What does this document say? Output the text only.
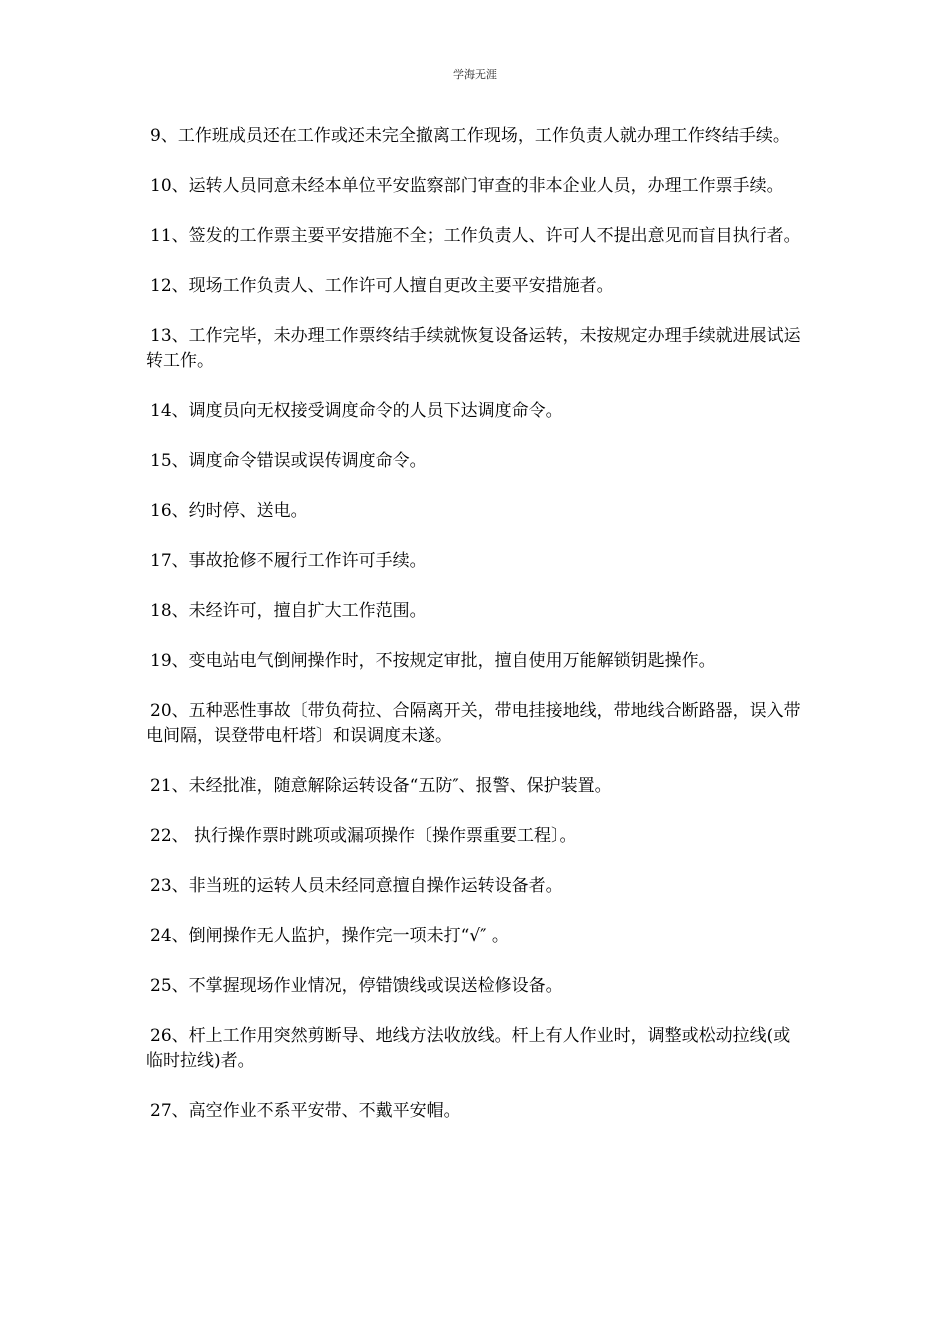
学海无涯

9、工作班成员还在工作或还未完全撤离工作现场，工作负责人就办理工作终结手续。

10、运转人员同意未经本单位平安监察部门审查的非本企业人员，办理工作票手续。

11、签发的工作票主要平安措施不全；工作负责人、许可人不提出意见而盲目执行者。

12、现场工作负责人、工作许可人擅自更改主要平安措施者。

13、工作完毕，未办理工作票终结手续就恢复设备运转，未按规定办理手续就进展试运转工作。

14、调度员向无权接受调度命令的人员下达调度命令。

15、调度命令错误或误传调度命令。

16、约时停、送电。

17、事故抢修不履行工作许可手续。

18、未经许可，擅自扩大工作范围。

19、变电站电气倒闸操作时，不按规定审批，擅自使用万能解锁钥匙操作。

20、五种恶性事故〔带负荷拉、合隔离开关，带电挂接地线，带地线合断路器，误入带电间隔，误登带电杆塔〕和误调度未遂。

21、未经批准，随意解除运转设备“五防″、报警、保护装置。

22、 执行操作票时跳项或漏项操作〔操作票重要工程〕。

23、非当班的运转人员未经同意擅自操作运转设备者。

24、倒闸操作无人监护，操作完一项未打“√″ 。

25、不掌握现场作业情况，停错馈线或误送检修设备。

26、杆上工作用突然剪断导、地线方法收放线。杆上有人作业时，调整或松动拉线(或临时拉线)者。

27、高空作业不系平安带、不戴平安帽。
